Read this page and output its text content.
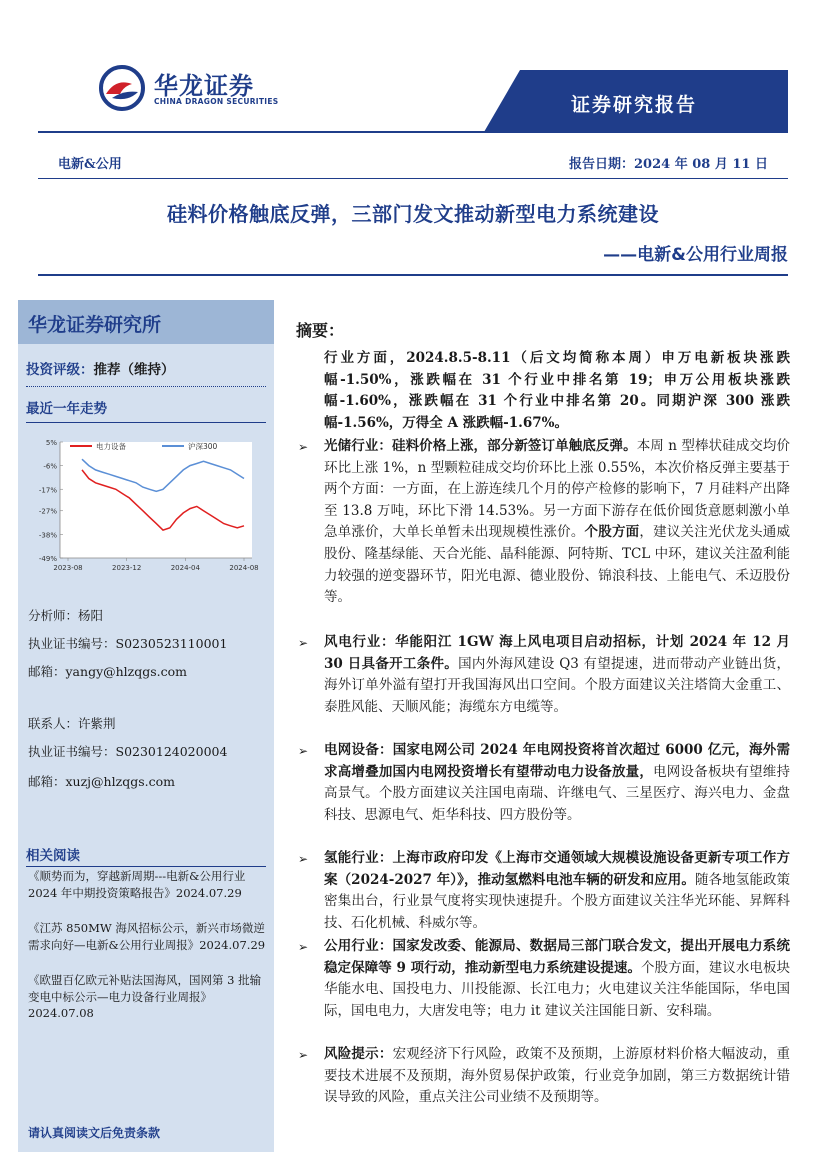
华龙证券
CHINA DRAGON SECURITIES	证券研究报告
电新&公用	报告日期：2024 年 08 月 11 日
硅料价格触底反弹，三部门发文推动新型电力系统建设
——电新&公用行业周报
华龙证券研究所
投资评级：推荐（维持）
最近一年走势
5%
-6%
-17%
-27%
-38%
-49%
2023-08	2023-12	2024-04	2024-08
电力设备	沪深300
分析师：杨阳
执业证书编号：S0230523110001
邮箱：yangy@hlzqgs.com
联系人：许紫荆
执业证书编号：S0230124020004
邮箱：xuzj@hlzqgs.com
相关阅读
《顺势而为，穿越新周期---电新&公用行业 2024 年中期投资策略报告》2024.07.29
《江苏 850MW 海风招标公示，新兴市场微逆需求向好—电新&公用行业周报》2024.07.29
《欧盟百亿欧元补贴法国海风，国网第 3 批输变电中标公示—电力设备行业周报》2024.07.08
请认真阅读文后免责条款
摘要：
行业方面，2024.8.5-8.11（后文均简称本周）申万电新板块涨跌幅-1.50%，涨跌幅在 31 个行业中排名第 19；申万公用板块涨跌幅-1.60%，涨跌幅在 31 个行业中排名第 20。同期沪深 300 涨跌幅-1.56%，万得全 A 涨跌幅-1.67%。
➢ 光储行业：硅料价格上涨，部分新签订单触底反弹。本周 n 型棒状硅成交均价环比上涨 1%，n 型颗粒硅成交均价环比上涨 0.55%，本次价格反弹主要基于两个方面：一方面，在上游连续几个月的停产检修的影响下，7 月硅料产出降至 13.8 万吨，环比下滑 14.53%。另一方面下游存在低价囤货意愿刺激小单急单涨价，大单长单暂未出现规模性涨价。个股方面，建议关注光伏龙头通威股份、隆基绿能、天合光能、晶科能源、阿特斯、TCL 中环，建议关注盈利能力较强的逆变器环节，阳光电源、德业股份、锦浪科技、上能电气、禾迈股份等。
➢ 风电行业：华能阳江 1GW 海上风电项目启动招标，计划 2024 年 12 月 30 日具备开工条件。国内外海风建设 Q3 有望提速，进而带动产业链出货，海外订单外溢有望打开我国海风出口空间。个股方面建议关注塔筒大金重工、泰胜风能、天顺风能；海缆东方电缆等。
➢ 电网设备：国家电网公司 2024 年电网投资将首次超过 6000 亿元，海外需求高增叠加国内电网投资增长有望带动电力设备放量，电网设备板块有望维持高景气。个股方面建议关注国电南瑞、许继电气、三星医疗、海兴电力、金盘科技、思源电气、炬华科技、四方股份等。
➢ 氢能行业：上海市政府印发《上海市交通领域大规模设施设备更新专项工作方案（2024-2027 年）》，推动氢燃料电池车辆的研发和应用。随各地氢能政策密集出台，行业景气度将实现快速提升。个股方面建议关注华光环能、昇辉科技、石化机械、科威尔等。
➢ 公用行业：国家发改委、能源局、数据局三部门联合发文，提出开展电力系统稳定保障等 9 项行动，推动新型电力系统建设提速。个股方面，建议水电板块华能水电、国投电力、川投能源、长江电力；火电建议关注华能国际，华电国际，国电电力，大唐发电等；电力 it 建议关注国能日新、安科瑞。
➢ 风险提示：宏观经济下行风险，政策不及预期，上游原材料价格大幅波动，重要技术进展不及预期，海外贸易保护政策，行业竞争加剧，第三方数据统计错误导致的风险，重点关注公司业绩不及预期等。
